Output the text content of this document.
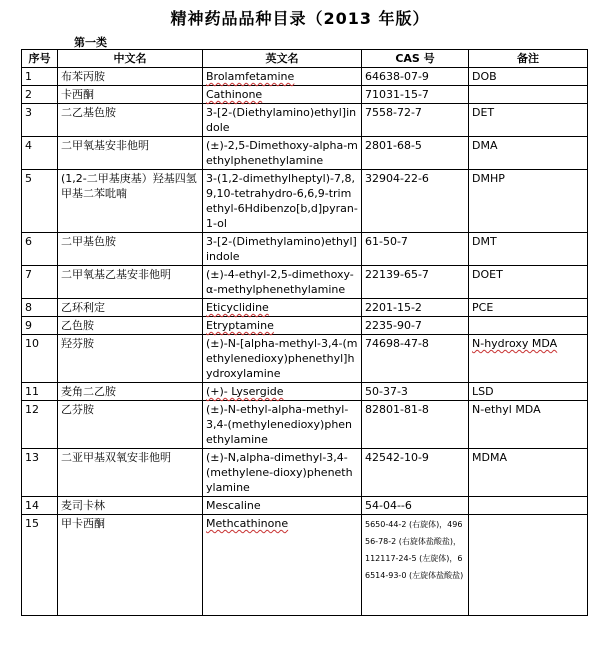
精神药品品种目录（2013 年版）
第一类
序号	中文名	英文名	CAS 号	备注
1	布苯丙胺	Brolamfetamine	64638-07-9	DOB
2	卡西酮	Cathinone	71031-15-7	
3	二乙基色胺	3-[2-(Diethylamino)ethyl]indole	7558-72-7	DET
4	二甲氧基安非他明	(±)-2,5-Dimethoxy-alpha-methylphenethylamine	2801-68-5	DMA
5	(1,2-二甲基庚基）羟基四氢甲基二苯吡喃	3-(1,2-dimethylheptyl)-7,8,9,10-tetrahydro-6,6,9-trimethyl-6Hdibenzo[b,d]pyran-1-ol	32904-22-6	DMHP
6	二甲基色胺	3-[2-(Dimethylamino)ethyl]indole	61-50-7	DMT
7	二甲氧基乙基安非他明	(±)-4-ethyl-2,5-dimethoxy-α-methylphenethylamine	22139-65-7	DOET
8	乙环利定	Eticyclidine	2201-15-2	PCE
9	乙色胺	Etryptamine	2235-90-7	
10	羟芬胺	(±)-N-[alpha-methyl-3,4-(methylenedioxy)phenethyl]hydroxylamine	74698-47-8	N-hydroxy MDA
11	麦角二乙胺	(+)- Lysergide	50-37-3	LSD
12	乙芬胺	(±)-N-ethyl-alpha-methyl-3,4-(methylenedioxy)phenethylamine	82801-81-8	N-ethyl MDA
13	二亚甲基双氧安非他明	(±)-N,alpha-dimethyl-3,4-(methylene-dioxy)phenethylamine	42542-10-9	MDMA
14	麦司卡林	Mescaline	54-04--6	
15	甲卡西酮	Methcathinone	5650-44-2 (右旋体)，49656-78-2 (右旋体盐酸盐)，112117-24-5 (左旋体)，66514-93-0 (左旋体盐酸盐)	
